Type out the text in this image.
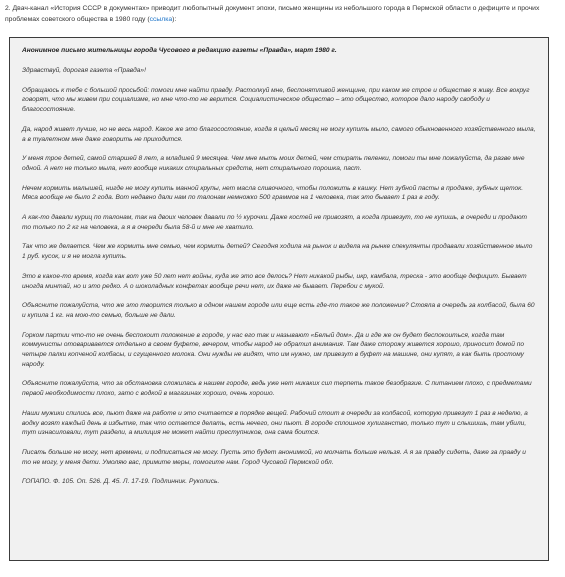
2. Двач-канал «История СССР в документах» приводит любопытный документ эпохи, письмо женщины из небольшого города в Пермской области о дефиците и прочих проблемах советского общества в 1980 году (ссылка):
Анонимное письмо жительницы города Чусового в редакцию газеты «Правда», март 1980 г.
Здравствуй, дорогая газета «Правда»!
Обращаюсь к тебе с большой просьбой: помоги мне найти правду. Растолкуй мне, беспонятливой женщине, при каком же строе и обществе я живу. Все вокруг говорят, что мы живем при социализме, но мне что-то не верится. Социалистическое общество – это общество, которое дало народу свободу и благосостояние.
Да, народ живет лучше, но не весь народ. Какое же это благосостояние, когда я целый месяц не могу купить мыло, самого обыкновенного хозяйственного мыла, а в туалетном мне даже говорить не приходится.
У меня трое детей, самой старшей 8 лет, а младшей 9 месяцев. Чем мне мыть моих детей, чем стирать пеленки, помоги ты мне пожалуйста, да разве мне одной. А нет не только мыла, нет вообще никаких стиральных средств, нет стирального порошка, паст.
Нечем кормить малышей, нигде не могу купить манной крупы, нет масла сливочного, чтобы положить в кашку. Нет зубной пасты в продаже, зубных щеток. Мяса вообще не было 2 года. Вот недавно дали нам по талонам немножко 500 граммов на 1 человека, так это бывает 1 раз в году.
А как-то давали куриц по талонам, так на двоих человек давали по ½ курочки. Даже костей не привозят, а когда привезут, то не купишь, в очереди и продают то только по 2 кг на человека, а я в очереди была 58-й и мне не хватило.
Так что же делается. Чем же кормить мне семью, чем кормить детей? Сегодня ходила на рынок и видела на рынке спекулянты продавали хозяйственное мыло 1 руб. кусок, и я не могла купить.
Это в какое-то время, когда как вот уже 50 лет нет войны, куда же это все делось? Нет никакой рыбы, икр, камбала, треска - это вообще дефицит. Бывает иногда минтай, но и это редко. А о шоколадных конфетах вообще речи нет, их даже не бывает. Перебои с мукой.
Объясните пожалуйста, что же это творится только в одном нашем городе или еще есть где-то такое же положение? Стояла в очередь за колбасой, была 60 и купила 1 кг. на мою-то семью, больше не дали.
Горком партии что-то не очень беспокоит положение в городе, у нас его так и называют «Белый дом». Да и где же он будет беспокоиться, когда там коммунисты отоваривается отдельно в своем буфете, вечером, чтобы народ не обратил внимания. Там даже сторожу живется хорошо, приносит домой по четыре палки копченой колбасы, и сгущенного молока. Они нужды не видят, что им нужно, им привезут в буфет на машине, они купят, а как быть простому народу.
Объясните пожалуйста, что за обстановка сложилась в нашем городе, ведь уже нет никаких сил терпеть такое безобразие. С питанием плохо, с предметами первой необходимости плохо, зато с водкой в магазинах хорошо, очень хорошо.
Наши мужики спились все, пьют даже на работе и это считается в порядке вещей. Рабочий стоит в очереди за колбасой, которую привезут 1 раз в неделю, а водку возят каждый день в избытке, так что остается делать, есть нечего, они пьют. В городе сплошное хулиганство, только тут и слышишь, там убили, тут изнасиловали, тут раздели, а милиция не может найти преступников, она сама боится.
Писать больше не могу, нет времени, и подписаться не могу. Пусть это будет анонимкой, но молчать больше нельзя. А я за правду сидеть, даже за правду и то не могу, у меня дети. Умоляю вас, примите меры, помогите нам. Город Чусовой Пермской обл.
ГОПАПО. Ф. 105. Оп. 526. Д. 45. Л. 17-19. Подлинник. Рукопись.
